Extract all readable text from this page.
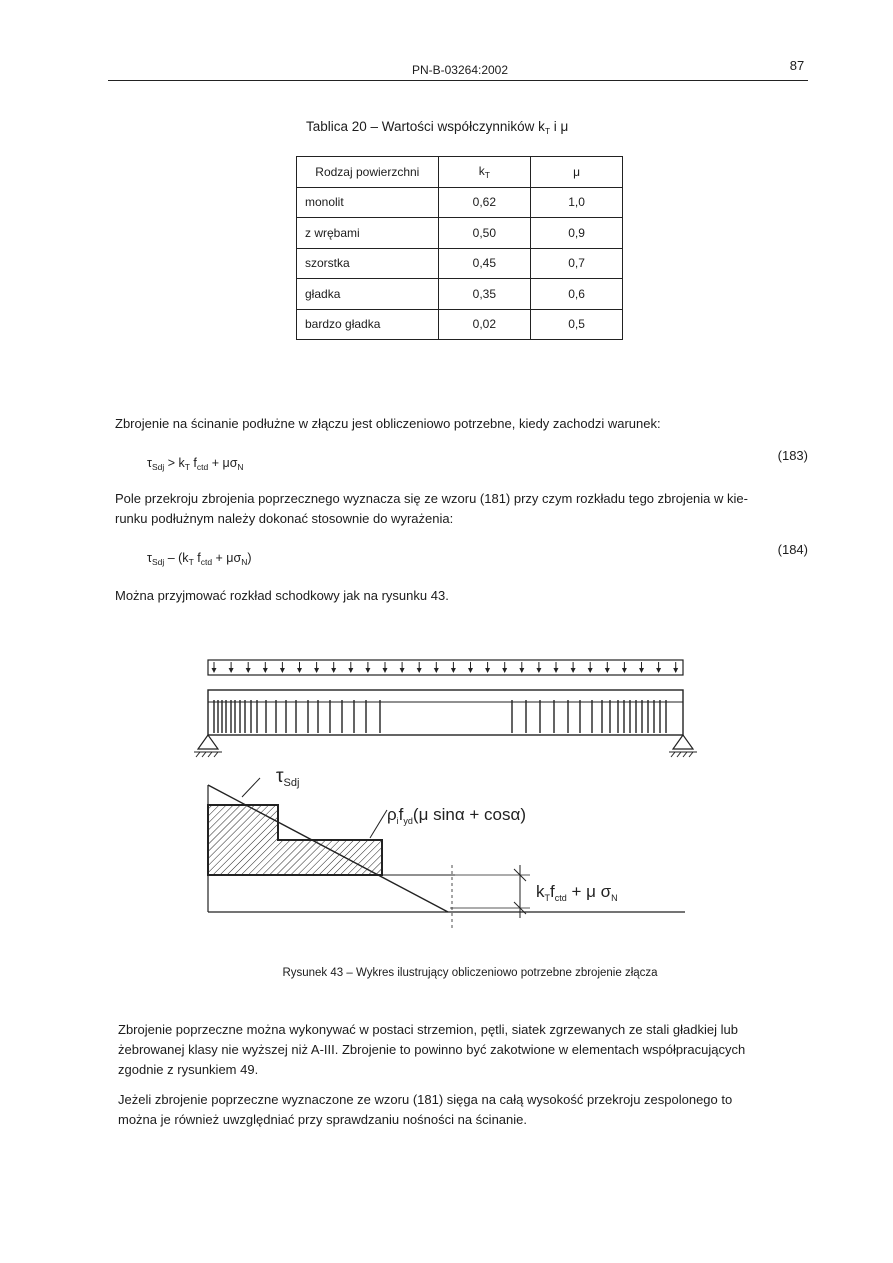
PN-B-03264:2002	87
Tablica 20 – Wartości współczynników $k_T$ i μ
Rodzaj powierzchni	$k_T$	μ
monolit	0,62	1,0
z wrębami	0,50	0,9
szorstka	0,45	0,7
gładka	0,35	0,6
bardzo gładka	0,02	0,5
Zbrojenie na ścinanie podłużne w złączu jest obliczeniowo potrzebne, kiedy zachodzi warunek:
$\tau_{Sdj} > k_T$ $f_{ctd} + \mu\sigma_N$
(183)
Pole przekroju zbrojenia poprzecznego wyznacza się ze wzoru (181) przy czym rozkładu tego zbrojenia w kie-
runku podłużnym należy dokonać stosownie do wyrażenia:
$\tau_{Sdj} - (k_T$ $f_{ctd} + \mu\sigma_N$)
(184)
Można przyjmować rozkład schodkowy jak na rysunku 43.
$\tau_{Sdj}$
$\rho_if_{yd}(\mu$ sinα + cosα)
$k_Tf_{ctd} + \mu$ $\sigma_N$
Rysunek 43 – Wykres ilustrujący obliczeniowo potrzebne zbrojenie złącza
Zbrojenie poprzeczne można wykonywać w postaci strzemion, pętli, siatek zgrzewanych ze stali gładkiej lub
żebrowanej klasy nie wyższej niż A-III. Zbrojenie to powinno być zakotwione w elementach współpracujących
zgodnie z rysunkiem 49.
Jeżeli zbrojenie poprzeczne wyznaczone ze wzoru (181) sięga na całą wysokość przekroju zespolonego to
można je również uwzględniać przy sprawdzaniu nośności na ścinanie.
